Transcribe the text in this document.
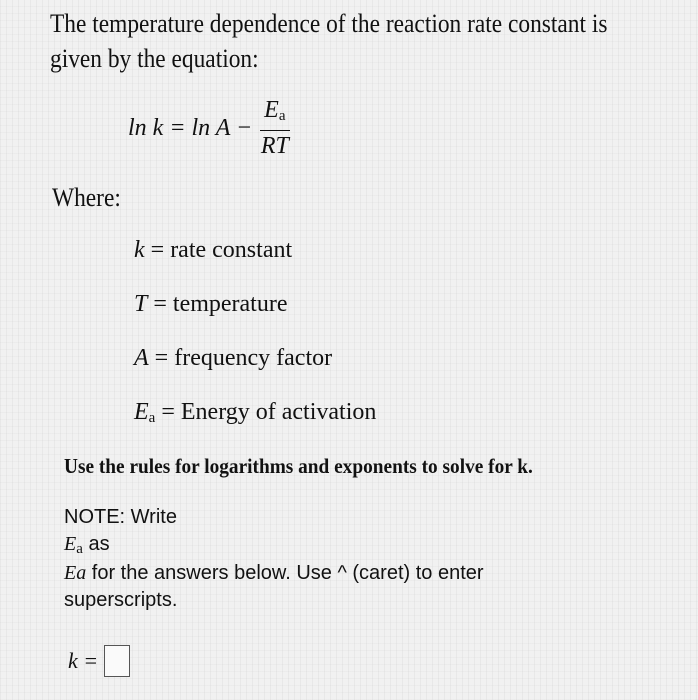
The temperature dependence of the reaction rate constant is
given by the equation:
$\ln k = \ln A - \frac{E_a}{RT}$
Where:
k = rate constant
T = temperature
A = frequency factor
$E_a$ = Energy of activation
Use the rules for logarithms and exponents to solve for k.
NOTE: Write
$E_a$ as
Ea for the answers below. Use ^ (caret) to enter
superscripts.
k =
